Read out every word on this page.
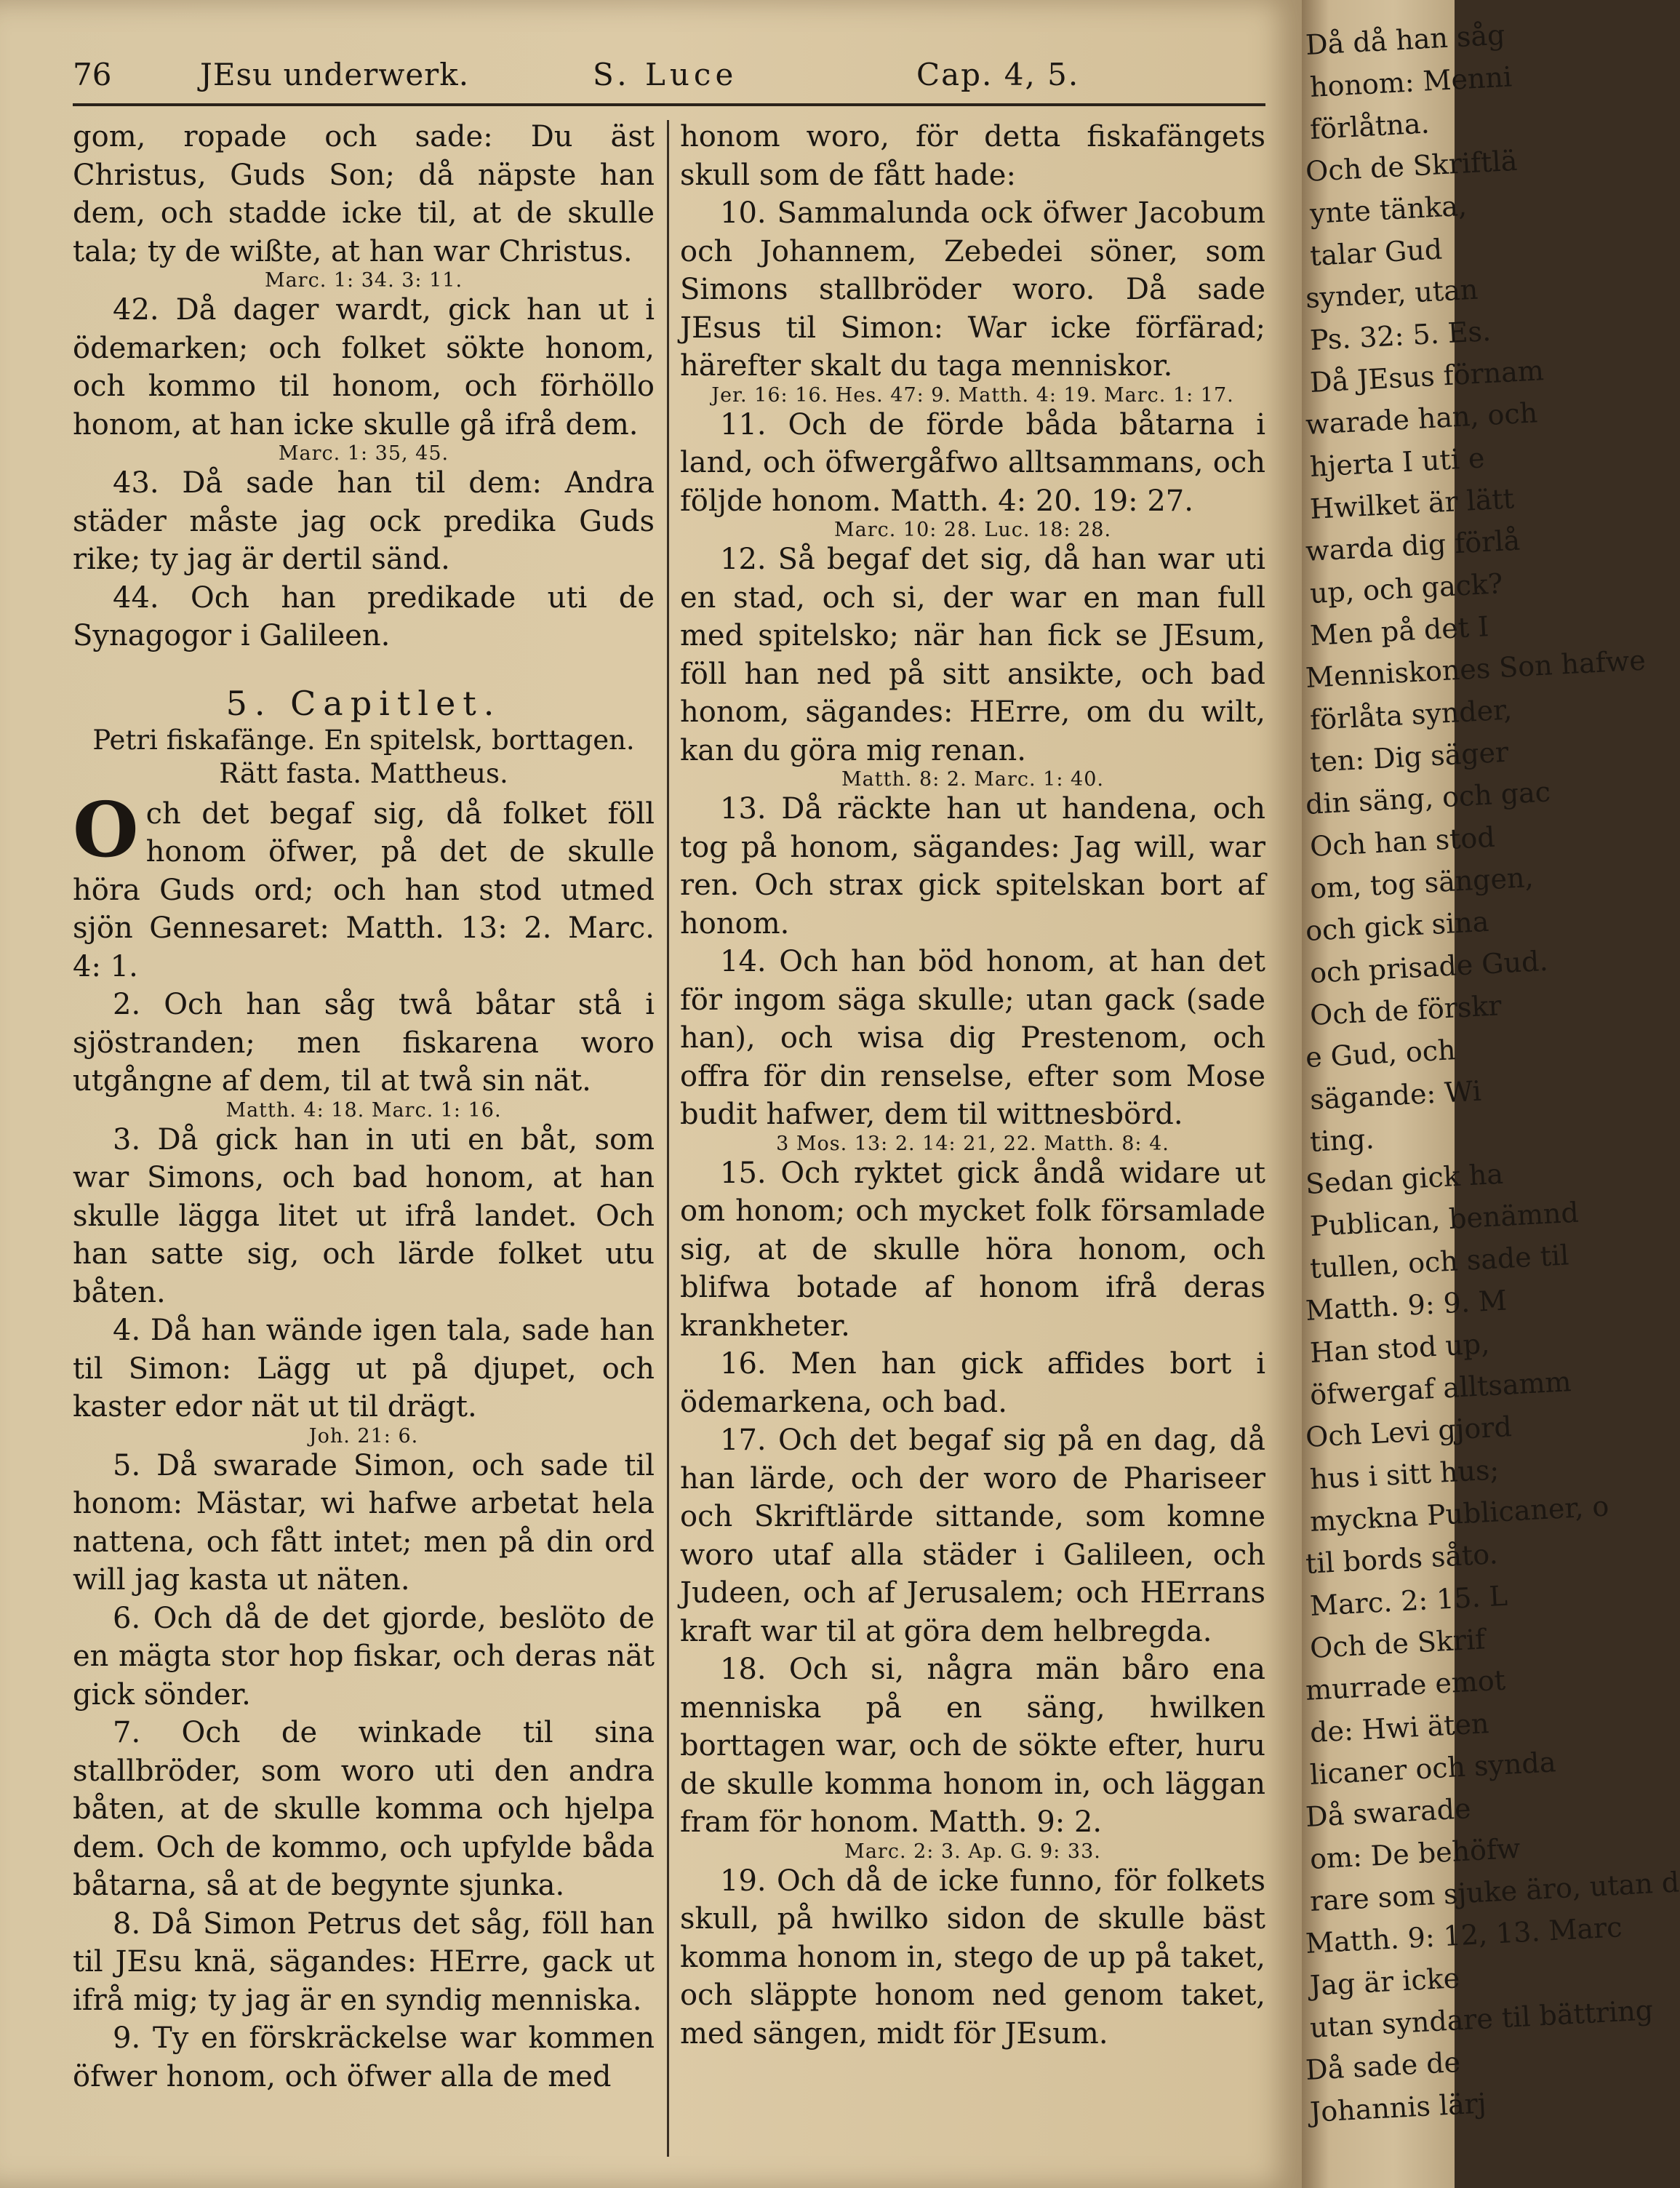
76	JEsu underwerk.	S. Luce	Cap. 4, 5.

gom, ropade och sade: Du äst Christus, Guds Son; då näpste han dem, och stadde icke til, at de skulle tala; ty de wißte, at han war Christus.

Marc. 1: 34. 3: 11.

42. Då dager wardt, gick han ut i ödemarken; och folket sökte honom, och kommo til honom, och förhöllo honom, at han icke skulle gå ifrå dem.

Marc. 1: 35, 45.

43. Då sade han til dem: Andra städer måste jag ock predika Guds rike; ty jag är dertil sänd.

44. Och han predikade uti de Synagogor i Galileen.

5. Capitlet.

Petri fiskafänge. En spitelsk, borttagen. Rätt fasta. Mattheus.

Och det begaf sig, då folket föll honom öfwer, på det de skulle höra Guds ord; och han stod utmed sjön Gennesaret: Matth. 13: 2. Marc. 4: 1.

2. Och han såg twå båtar stå i sjöstranden; men fiskarena woro utgångne af dem, til at twå sin nät.

Matth. 4: 18. Marc. 1: 16.

3. Då gick han in uti en båt, som war Simons, och bad honom, at han skulle lägga litet ut ifrå landet. Och han satte sig, och lärde folket utu båten.

4. Då han wände igen tala, sade han til Simon: Lägg ut på djupet, och kaster edor nät ut til drägt.

Joh. 21: 6.

5. Då swarade Simon, och sade til honom: Mästar, wi hafwe arbetat hela nattena, och fått intet; men på din ord will jag kasta ut näten.

6. Och då de det gjorde, beslöto de en mägta stor hop fiskar, och deras nät gick sönder.

7. Och de winkade til sina stallbröder, som woro uti den andra båten, at de skulle komma och hjelpa dem. Och de kommo, och upfylde båda båtarna, så at de begynte sjunka.

8. Då Simon Petrus det såg, föll han til JEsu knä, sägandes: HErre, gack ut ifrå mig; ty jag är en syndig menniska.

9. Ty en förskräckelse war kommen öfwer honom, och öfwer alla de med

honom woro, för detta fiskafängets skull som de fått hade:

10. Sammalunda ock öfwer Jacobum och Johannem, Zebedei söner, som Simons stallbröder woro. Då sade JEsus til Simon: War icke förfärad; härefter skalt du taga menniskor.

Jer. 16: 16. Hes. 47: 9. Matth. 4: 19. Marc. 1: 17.

11. Och de förde båda båtarna i land, och öfwergåfwo alltsammans, och följde honom. Matth. 4: 20. 19: 27.

Marc. 10: 28. Luc. 18: 28.

12. Så begaf det sig, då han war uti en stad, och si, der war en man full med spitelsko; när han fick se JEsum, föll han ned på sitt ansikte, och bad honom, sägandes: HErre, om du wilt, kan du göra mig renan.

Matth. 8: 2. Marc. 1: 40.

13. Då räckte han ut handena, och tog på honom, sägandes: Jag will, war ren. Och strax gick spitelskan bort af honom.

14. Och han böd honom, at han det för ingom säga skulle; utan gack (sade han), och wisa dig Prestenom, och offra för din renselse, efter som Mose budit hafwer, dem til wittnesbörd.

3 Mos. 13: 2. 14: 21, 22. Matth. 8: 4.

15. Och ryktet gick åndå widare ut om honom; och mycket folk församlade sig, at de skulle höra honom, och blifwa botade af honom ifrå deras krankheter.

16. Men han gick affides bort i ödemarkena, och bad.

17. Och det begaf sig på en dag, då han lärde, och der woro de Phariseer och Skriftlärde sittande, som komne woro utaf alla städer i Galileen, och Judeen, och af Jerusalem; och HErrans kraft war til at göra dem helbregda.

18. Och si, några män båro ena menniska på en säng, hwilken borttagen war, och de sökte efter, huru de skulle komma honom in, och läggan fram för honom. Matth. 9: 2.

Marc. 2: 3. Ap. G. 9: 33.

19. Och då de icke funno, för folkets skull, på hwilko sidon de skulle bäst komma honom in, stego de up på taket, och släppte honom ned genom taket, med sängen, midt för JEsum.

Då då han såg
honom: Menni
förlåtna.
Och de Skriftlä
ynte tänka,
talar Gud
synder, utan
Ps. 32: 5. Es.
Då JEsus förnam
warade han, och
hjerta I uti e
Hwilket är lätt
warda dig förlå
up, och gack?
Men på det I
Menniskones Son hafwe
förlåta synder,
ten: Dig säger
din säng, och gac
Och han stod
om, tog sängen,
och gick sina
och prisade Gud.
Och de förskr
e Gud, och
sägande: Wi
ting.
Sedan gick ha
Publican, benämnd
tullen, och sade til
Matth. 9: 9. M
Han stod up,
öfwergaf alltsamm
Och Levi gjord
hus i sitt hus;
myckna Publicaner, o
til bords såto.
Marc. 2: 15. L
Och de Skrif
murrade emot
de: Hwi äten
licaner och synda
Då swarade
om: De behöfw
rare som sjuke äro, utan d
Matth. 9: 12, 13. Marc
Jag är icke
utan syndare til bättring
Då sade de
Johannis lärj
